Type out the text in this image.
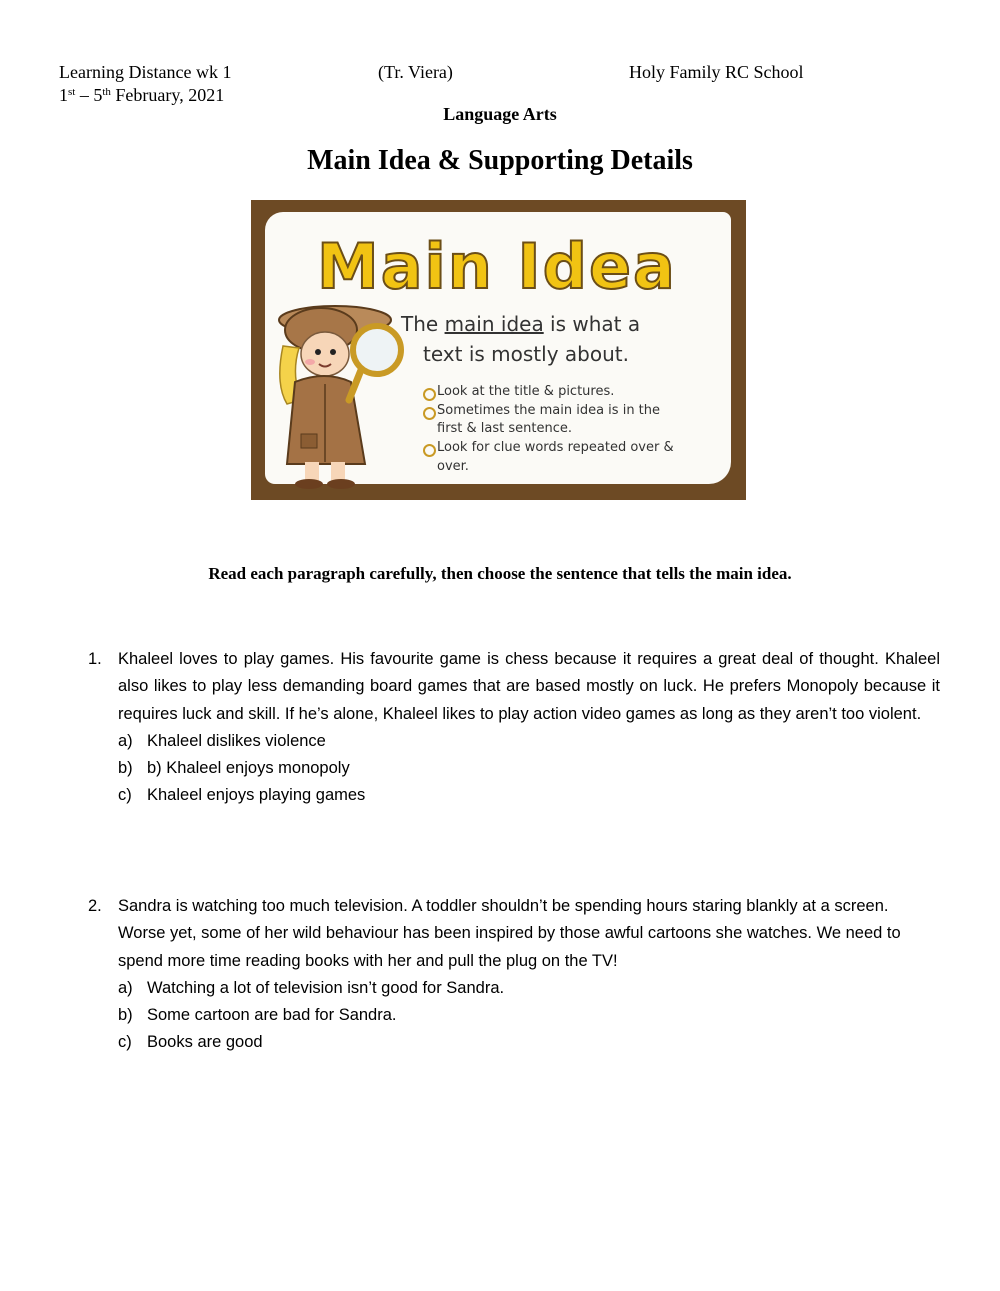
Learning Distance wk 1	(Tr. Viera)	Holy Family RC School
1st – 5th February, 2021
Language Arts
Main Idea & Supporting Details
Main Idea
The main idea is what a
text is mostly about.
Look at the title & pictures.
Sometimes the main idea is in the
first & last sentence.
Look for clue words repeated over &
over.
Read each paragraph carefully, then choose the sentence that tells the main idea.
1. Khaleel loves to play games. His favourite game is chess because it requires a great deal of thought. Khaleel also likes to play less demanding board games that are based mostly on luck. He prefers Monopoly because it requires luck and skill. If he’s alone, Khaleel likes to play action video games as long as they aren’t too violent.
a) Khaleel dislikes violence
b) b) Khaleel enjoys monopoly
c) Khaleel enjoys playing games
2. Sandra is watching too much television. A toddler shouldn’t be spending hours staring blankly at a screen. Worse yet, some of her wild behaviour has been inspired by those awful cartoons she watches. We need to spend more time reading books with her and pull the plug on the TV!
a) Watching a lot of television isn’t good for Sandra.
b) Some cartoon are bad for Sandra.
c) Books are good
